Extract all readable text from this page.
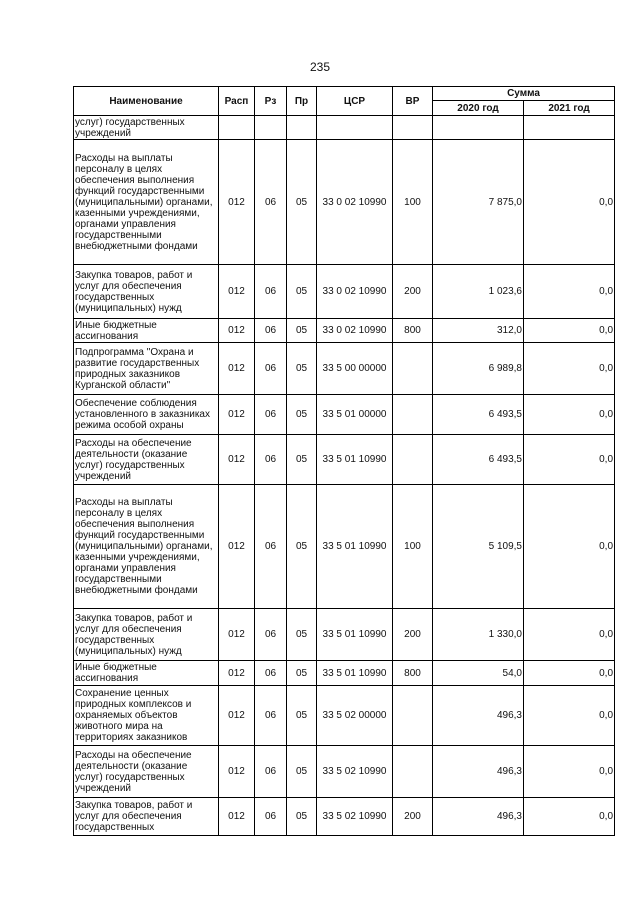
235
Наименование	Расп	Рз	Пр	ЦСР	ВР	Сумма	
						2020 год	2021 год
услуг) государственных учреждений							
Расходы на выплаты персоналу в целях обеспечения выполнения функций государственными (муниципальными) органами, казенными учреждениями, органами управления государственными внебюджетными фондами	012	06	05	33 0 02 10990	100	7 875,0	0,0
Закупка товаров, работ и услуг для обеспечения государственных (муниципальных) нужд	012	06	05	33 0 02 10990	200	1 023,6	0,0
Иные бюджетные ассигнования	012	06	05	33 0 02 10990	800	312,0	0,0
Подпрограмма "Охрана и развитие государственных природных заказников Курганской области"	012	06	05	33 5 00 00000		6 989,8	0,0
Обеспечение соблюдения установленного в заказниках режима особой охраны	012	06	05	33 5 01 00000		6 493,5	0,0
Расходы на обеспечение деятельности (оказание услуг) государственных учреждений	012	06	05	33 5 01 10990		6 493,5	0,0
Расходы на выплаты персоналу в целях обеспечения выполнения функций государственными (муниципальными) органами, казенными учреждениями, органами управления государственными внебюджетными фондами	012	06	05	33 5 01 10990	100	5 109,5	0,0
Закупка товаров, работ и услуг для обеспечения государственных (муниципальных) нужд	012	06	05	33 5 01 10990	200	1 330,0	0,0
Иные бюджетные ассигнования	012	06	05	33 5 01 10990	800	54,0	0,0
Сохранение ценных природных комплексов и охраняемых объектов животного мира на территориях заказников	012	06	05	33 5 02 00000		496,3	0,0
Расходы на обеспечение деятельности (оказание услуг) государственных учреждений	012	06	05	33 5 02 10990		496,3	0,0
Закупка товаров, работ и услуг для обеспечения государственных	012	06	05	33 5 02 10990	200	496,3	0,0
